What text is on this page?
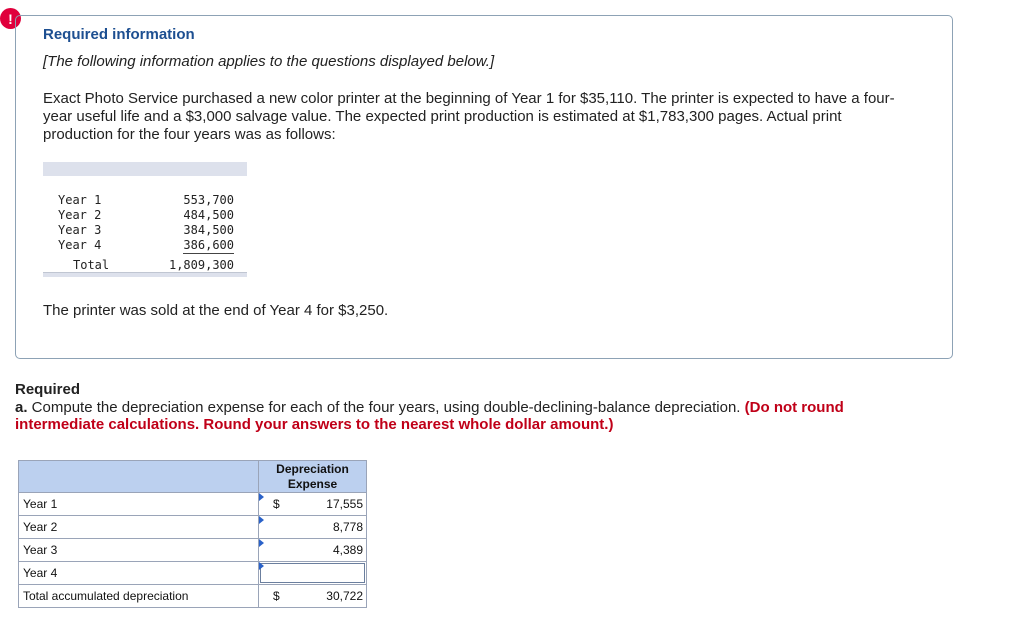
!
Required information
[The following information applies to the questions displayed below.]
Exact Photo Service purchased a new color printer at the beginning of Year 1 for $35,110. The printer is expected to have a four-year useful life and a $3,000 salvage value. The expected print production is estimated at $1,783,300 pages. Actual print production for the four years was as follows:
Year 1	553,700
Year 2	484,500
Year 3	384,500
Year 4	386,600
Total	1,809,300
The printer was sold at the end of Year 4 for $3,250.
Required
a. Compute the depreciation expense for each of the four years, using double-declining-balance depreciation. (Do not round intermediate calculations. Round your answers to the nearest whole dollar amount.)
	Depreciation Expense
Year 1	$ 17,555

Year 2	8,778

Year 3	4,389

Year 4	

Total accumulated depreciation	$ 30,722
